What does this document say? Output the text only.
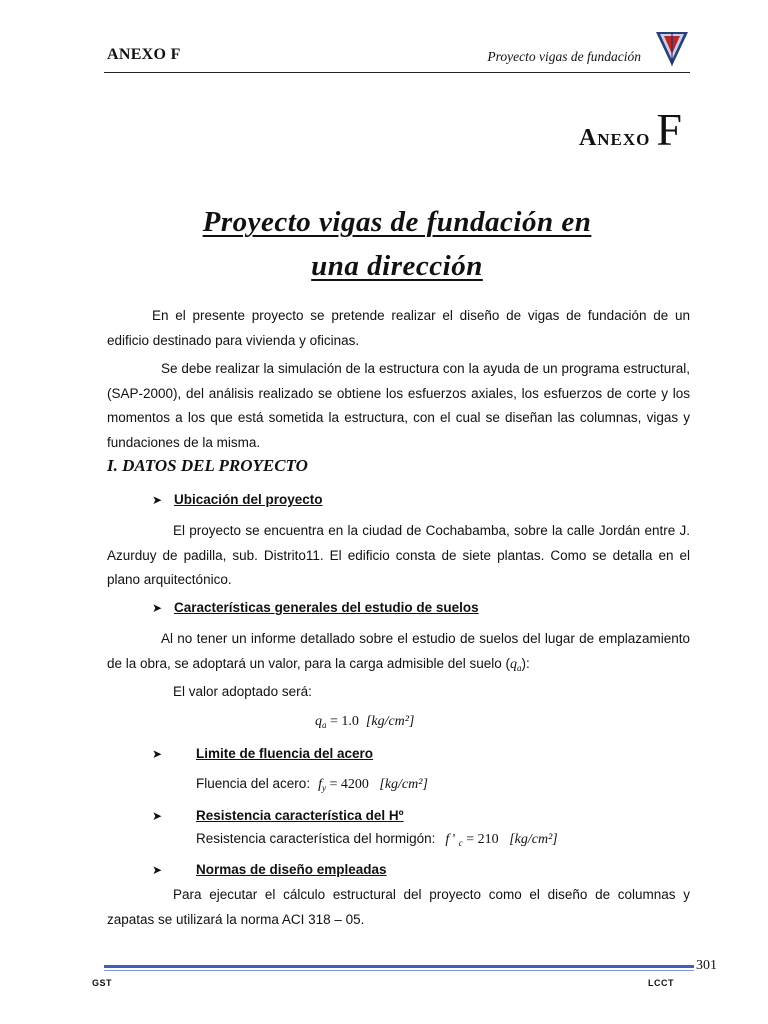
ANEXO F	Proyecto vigas de fundación
Anexo F
Proyecto vigas de fundación en
una dirección
En el presente proyecto se pretende realizar el diseño de vigas de fundación de un edificio destinado para vivienda y oficinas.
Se debe realizar la simulación de la estructura con la ayuda de un programa estructural, (SAP-2000), del análisis realizado se obtiene los esfuerzos axiales, los esfuerzos de corte y los momentos a los que está sometida la estructura, con el cual se diseñan las columnas, vigas y fundaciones de la misma.
I. DATOS DEL PROYECTO
➤ Ubicación del proyecto
El proyecto se encuentra en la ciudad de Cochabamba, sobre la calle Jordán entre J. Azurduy de padilla, sub. Distrito11. El edificio consta de siete plantas. Como se detalla en el plano arquitectónico.
➤ Características generales del estudio de suelos
Al no tener un informe detallado sobre el estudio de suelos del lugar de emplazamiento de la obra, se adoptará un valor, para la carga admisible del suelo $(q_a)$:
El valor adoptado será:
$q_a = 1.0$ [kg/cm²]
➤	Limite de fluencia del acero
Fluencia del acero: $f_y = 4200$ [kg/cm²]
➤	Resistencia característica del Hº
Resistencia característica del hormigón: f ' $_c$ = 210 [kg/cm²]
➤	Normas de diseño empleadas
Para ejecutar el cálculo estructural del proyecto como el diseño de columnas y zapatas se utilizará la norma ACI 318 – 05.
301
GST	LCCT
